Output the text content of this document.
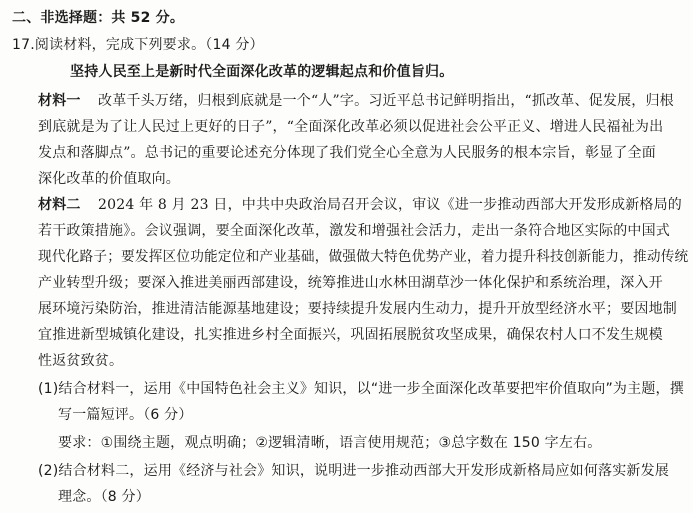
二、非选择题：共 52 分。
17.阅读材料，完成下列要求。（14 分）
坚持人民至上是新时代全面深化改革的逻辑起点和价值旨归。
材料一 改革千头万绪，归根到底就是一个“人”字。习近平总书记鲜明指出，“抓改革、促发展，归根
到底就是为了让人民过上更好的日子”，“全面深化改革必须以促进社会公平正义、增进人民福祉为出
发点和落脚点”。总书记的重要论述充分体现了我们党全心全意为人民服务的根本宗旨，彰显了全面
深化改革的价值取向。
材料二 2024 年 8 月 23 日，中共中央政治局召开会议，审议《进一步推动西部大开发形成新格局的
若干政策措施》。会议强调，要全面深化改革，激发和增强社会活力，走出一条符合地区实际的中国式
现代化路子；要发挥区位功能定位和产业基础，做强做大特色优势产业，着力提升科技创新能力，推动传统
产业转型升级；要深入推进美丽西部建设，统筹推进山水林田湖草沙一体化保护和系统治理，深入开
展环境污染防治，推进清洁能源基地建设；要持续提升发展内生动力，提升开放型经济水平；要因地制
宜推进新型城镇化建设，扎实推进乡村全面振兴，巩固拓展脱贫攻坚成果，确保农村人口不发生规模
性返贫致贫。
(1)结合材料一，运用《中国特色社会主义》知识，以“进一步全面深化改革要把牢价值取向”为主题，撰
写一篇短评。（6 分）
要求：①围绕主题，观点明确；②逻辑清晰，语言使用规范；③总字数在 150 字左右。
(2)结合材料二，运用《经济与社会》知识，说明进一步推动西部大开发形成新格局应如何落实新发展
理念。（8 分）
